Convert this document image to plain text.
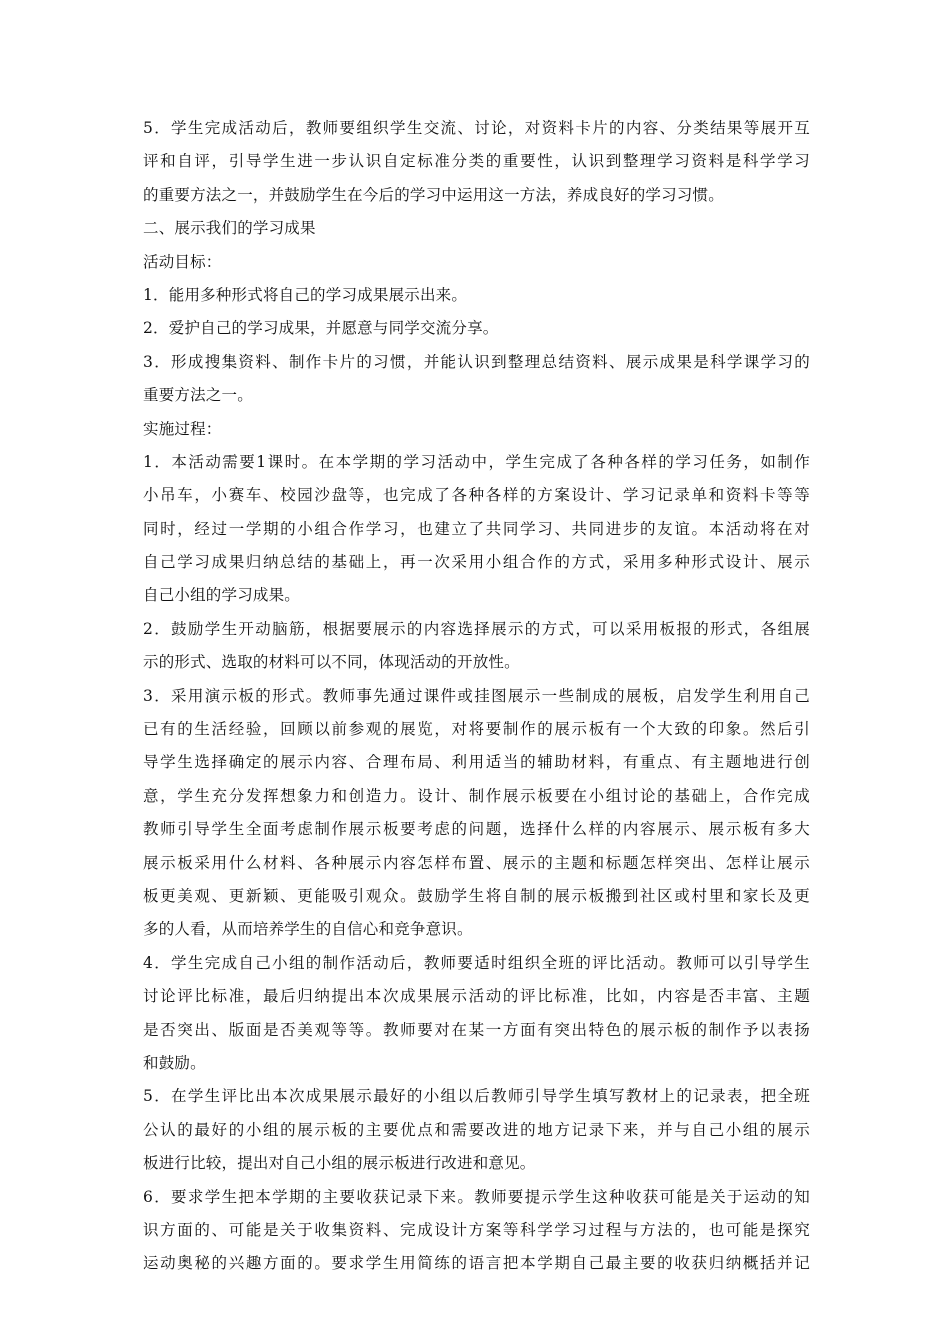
5．学生完成活动后，教师要组织学生交流、讨论，对资料卡片的内容、分类结果等展开互
评和自评，引导学生进一步认识自定标准分类的重要性，认识到整理学习资料是科学学习
的重要方法之一，并鼓励学生在今后的学习中运用这一方法，养成良好的学习习惯。
二、展示我们的学习成果
活动目标：
1．能用多种形式将自己的学习成果展示出来。
2．爱护自己的学习成果，并愿意与同学交流分享。
3．形成搜集资料、制作卡片的习惯，并能认识到整理总结资料、展示成果是科学课学习的
重要方法之一。
实施过程：
1．本活动需要1课时。在本学期的学习活动中，学生完成了各种各样的学习任务，如制作
小吊车，小赛车、校园沙盘等，也完成了各种各样的方案设计、学习记录单和资料卡等等
同时，经过一学期的小组合作学习，也建立了共同学习、共同进步的友谊。本活动将在对
自己学习成果归纳总结的基础上，再一次采用小组合作的方式，采用多种形式设计、展示
自己小组的学习成果。
2．鼓励学生开动脑筋，根据要展示的内容选择展示的方式，可以采用板报的形式，各组展
示的形式、选取的材料可以不同，体现活动的开放性。
3．采用演示板的形式。教师事先通过课件或挂图展示一些制成的展板，启发学生利用自己
已有的生活经验，回顾以前参观的展览，对将要制作的展示板有一个大致的印象。然后引
导学生选择确定的展示内容、合理布局、利用适当的辅助材料，有重点、有主题地进行创
意，学生充分发挥想象力和创造力。设计、制作展示板要在小组讨论的基础上，合作完成
教师引导学生全面考虑制作展示板要考虑的问题，选择什么样的内容展示、展示板有多大
展示板采用什么材料、各种展示内容怎样布置、展示的主题和标题怎样突出、怎样让展示
板更美观、更新颖、更能吸引观众。鼓励学生将自制的展示板搬到社区或村里和家长及更
多的人看，从而培养学生的自信心和竞争意识。
4．学生完成自己小组的制作活动后，教师要适时组织全班的评比活动。教师可以引导学生
讨论评比标准，最后归纳提出本次成果展示活动的评比标准，比如，内容是否丰富、主题
是否突出、版面是否美观等等。教师要对在某一方面有突出特色的展示板的制作予以表扬
和鼓励。
5．在学生评比出本次成果展示最好的小组以后教师引导学生填写教材上的记录表，把全班
公认的最好的小组的展示板的主要优点和需要改进的地方记录下来，并与自己小组的展示
板进行比较，提出对自己小组的展示板进行改进和意见。
6．要求学生把本学期的主要收获记录下来。教师要提示学生这种收获可能是关于运动的知
识方面的、可能是关于收集资料、完成设计方案等科学学习过程与方法的，也可能是探究
运动奥秘的兴趣方面的。要求学生用简练的语言把本学期自己最主要的收获归纳概括并记
